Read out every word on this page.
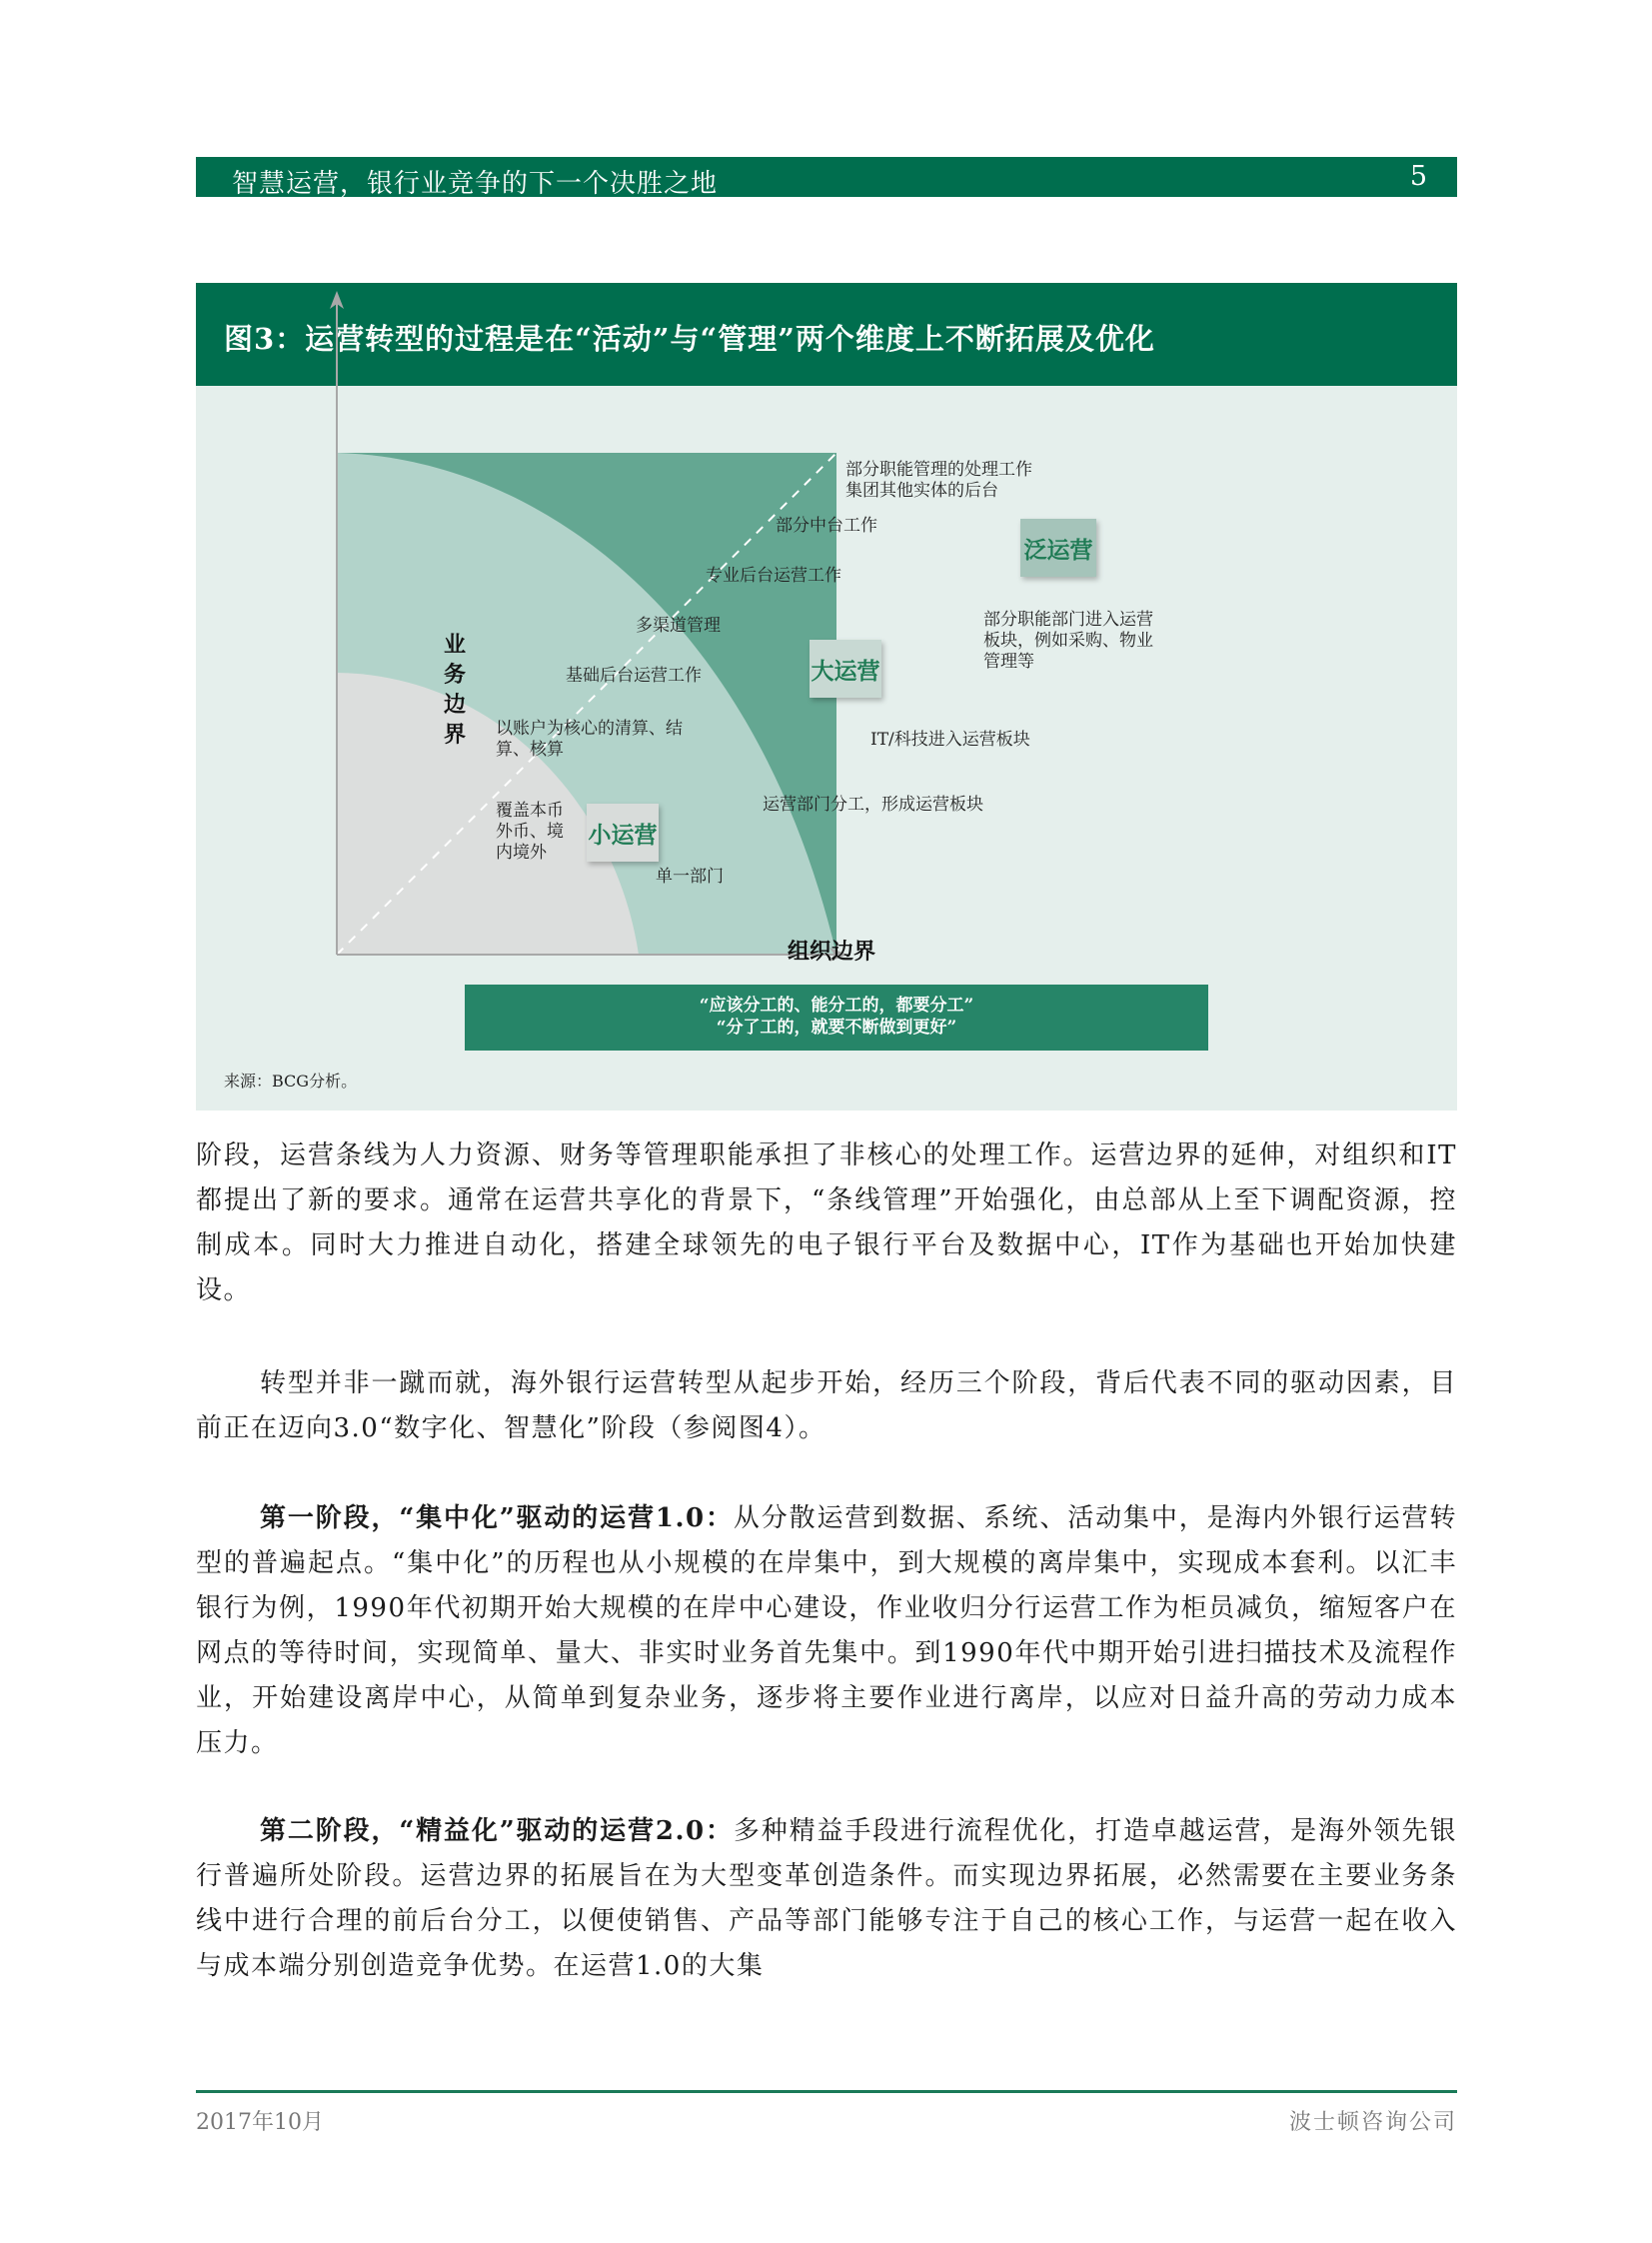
智慧运营，银行业竞争的下一个决胜之地	5
图3：运营转型的过程是在“活动”与“管理”两个维度上不断拓展及优化
业
务
边
界
组织边界
部分职能管理的处理工作
集团其他实体的后台
部分中台工作
专业后台运营工作
多渠道管理
基础后台运营工作
以账户为核心的清算、结
算、核算
覆盖本币
外币、境
内境外
单一部门
运营部门分工，形成运营板块
IT/科技进入运营板块
部分职能部门进入运营
板块，例如采购、物业
管理等
小运营
大运营
泛运营
“应该分工的、能分工的，都要分工”
“分了工的，就要不断做到更好”
来源：BCG分析。

阶段，运营条线为人力资源、财务等管理职能承担了非核心的处理工作。运营边界的延伸，对组织和IT都提出了新的要求。通常在运营共享化的背景下，“条线管理”开始强化，由总部从上至下调配资源，控制成本。同时大力推进自动化，搭建全球领先的电子银行平台及数据中心，IT作为基础也开始加快建设。

转型并非一蹴而就，海外银行运营转型从起步开始，经历三个阶段，背后代表不同的驱动因素，目前正在迈向3.0“数字化、智慧化”阶段（参阅图4）。

第一阶段，“集中化”驱动的运营1.0：从分散运营到数据、系统、活动集中，是海内外银行运营转型的普遍起点。“集中化”的历程也从小规模的在岸集中，到大规模的离岸集中，实现成本套利。以汇丰银行为例，1990年代初期开始大规模的在岸中心建设，作业收归分行运营工作为柜员减负，缩短客户在网点的等待时间，实现简单、量大、非实时业务首先集中。到1990年代中期开始引进扫描技术及流程作业，开始建设离岸中心，从简单到复杂业务，逐步将主要作业进行离岸，以应对日益升高的劳动力成本压力。

第二阶段，“精益化”驱动的运营2.0：多种精益手段进行流程优化，打造卓越运营，是海外领先银行普遍所处阶段。运营边界的拓展旨在为大型变革创造条件。而实现边界拓展，必然需要在主要业务条线中进行合理的前后台分工，以便使销售、产品等部门能够专注于自己的核心工作，与运营一起在收入与成本端分别创造竞争优势。在运营1.0的大集

2017年10月	波士顿咨询公司
